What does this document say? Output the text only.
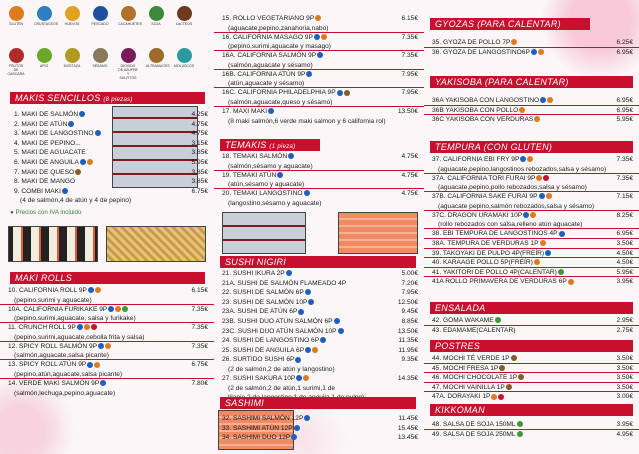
GLUTEN	CRUSTACEOS	HUEVOS	PESCADO	CACAHUETES	SOJA	LACTEOS
FRUTOS DE CASCARA
APIO	MOSTAZA	SÉSAMO	DIOXIDO DE AZUFRE Y SULFITOS
ALTRAMUCES MOLUSCOS
MAKIS SENCILLOS (8 piezas)
1. MAKI DE SALMÓN	4.25€
2. MAKI DE ATÚN	4.75€
3. MAKI DE LANGOSTINO	4.75€
4. MAKI DE PEPINO...	3.15€
5. MAKI DE AGUACATE	3.85€
6. MAKI DE ANGUILA	5.95€
7. MAKI DE QUESO	3.85€
8. MAKI DE MANGO	3.85€
9. COMBI MAKI	6.75€
(4 de salmón,4 de atún y 4 de pepino)
● Precios con IVA incluido
MAKI ROLLS
10. CALIFORNIA ROLL 9P	6.15€
(pepino,surimi y aguacate)
10A. CALIFORNIA FURIKAKE 9P	7.35€
(pepino,surimi,aguacate, salsa y furikake)
11. CRUNCH ROLL 9P	7.35€
(pepino,surimi,aguacate,cebolla frita y salsa)
12. SPICY ROLL SALMÓN 9P	7.35€
(salmón,aguacate,salsa picante)
13. SPICY ROLL ATÚN 9P	6.75€
(pepino,atún,aguacate,salsa picante)
14. VERDE MAKI SALMÓN 9P	7.80€
(salmón,lechuga,pepino,aguacate)
15. ROLLO VEGETARIANO 9P	6.15€
(aguacate,pepino,zanahoria,nabo)
16. CALIFORNIA MASAGO 9P	7.35€
(pepino,surimi,aguacate y masago)
16A. CALIFORNIA SALMÓN 9P	7.35€
(salmón,aguacate y sésamo)
16B. CALIFORNIA ATÚN 9P	7.95€
(atún,aguacate y sésamo)
16C. CALIFORNIA PHILADELPHIA 9P	7.95€
(salmón,aguacate,queso y sésamo)
17. MAXI MAKI	13.50€
(8 maki salmón,6 verde maki salmon y 6 california rol)
TEMAKIS (1 pieza)
18. TEMAKI SALMÓN	4.75€
(salmón,sésamo y aguacate)
19. TEMAKI ATÚN	4.75€
(atún,sésamo y aguacate)
20. TEMAKI LANGOSTINO	4.75€
(langostino,sésamo y aguacate)
SUSHI NIGIRI
21. SUSHI IKURA 2P	5.00€
21A. SUSHI DE SALMÓN FLAMEADO 4P	7.20€
22. SUSHI DE SALMÓN 6P	7.95€
23. SUSHI DE SALMÓN 10P	12.50€
23A. SUSHI DE ATÚN 6P	9.45€
23B. SUSHI DUO ATÚN SALMÓN 6P	8.85€
23C. SUSHI DUO ATÚN SALMÓN 10P	13.50€
24. SUSHI DE LANGOSTINO 6P	11.35€
25. SUSHI DE ANGUILA 6P	11.95€
26. SURTIDO SUSHI 6P	9.35€
(2 de salmón,2 de atún y langostino)
27. SUSHI SAKURA 10P	14.35€
(2 de salmón,2 de atún,1 surimi,1 de
SASHIMI
32. SASHIMI SALMÓN 12P	11.45€
33. SASHIMI ATÚN 12P	15.45€
34. SASHIMI DUO 12P	13.45€
GYOZAS (PARA CALENTAR)
35. GYOZA DE POLLO 7P	6.25€
36. GYOZA DE LANGOSTINO6P	6.95€
YAKISOBA (PARA CALENTAR)
36A YAKISOBA CON LANGOSTINO	6.95€
36B YAKISOBA CON POLLO	6.95€
36C YAKISOBA CON VERDURAS	5.95€
TEMPURA (CON GLUTEN)
37. CALIFORNIA EBI FRY 9P	7.35€
(aguacate,pepino,langostinos rebozados,salsa y sésamo)
37A. CALIFORNIA TORI FURAI 9P	7.35€
(aguacate,pepino,pollo rebozados,salsa y sésamo)
37B. CALIFORNIA SAKE FURAI 9P	7.15€
(aguacate pepino,salmón rebozados,salsa y sésamo)
37C. DRAGON URAMAKI 10P	8.25€
(rollo rebozados con salsa,relleno atún aguacate)
38. EBI TEMPURA DE LANGOSTINOS 4P	6.95€
38A. TEMPURA DE VERDURAS 1P	3.50€
39. TAKOYAKI DE PULPO 4P(FREÍR)	4.50€
40. KARAAGE POLLO 5P(FREÍR)	4.50€
41. YAKITORI DE POLLO 4P(CALENTAR)	5.95€
41A ROLLO PRIMAVERA DE VERDURAS 6P	3.95€
ENSALADA
42. GOMA WAKAME	2.95€
43. EDAMAME(CALENTAR)	2.75€
POSTRES
44. MOCHI TÉ VERDE 1P	3.50€
45. MOCHI FRESA 1P	3.50€
46. MOCHI CHOCOLATE 1P	3.50€
47. MOCHI VAINILLA 1P	3.50€
47A. DORAYAKI 1P	3.00€
KIKKOMAN
48. SALSA DE SOJA 150ML	3.95€
49. SALSA DE SOJA 250ML	4.95€
